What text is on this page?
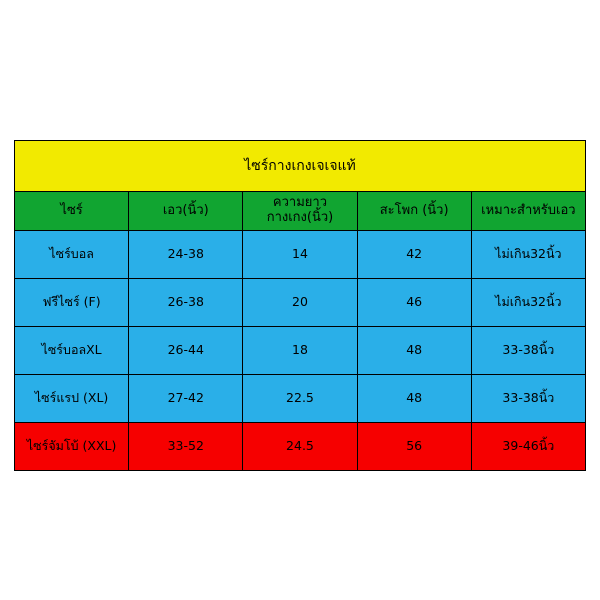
ไซร์กางเกงเจเจแท้				
ไซร์	เอว(นิ้ว)	ความยาวกางเกง(นิ้ว)	สะโพก (นิ้ว)	เหมาะสำหรับเอว
ไซร์บอล	24-38	14	42	ไม่เกิน32นิ้ว
ฟรีไซร์ (F)	26-38	20	46	ไม่เกิน32นิ้ว
ไซร์บอลXL	26-44	18	48	33-38นิ้ว
ไซร์แรป (XL)	27-42	22.5	48	33-38นิ้ว
ไซร์จัมโบ้ (XXL)	33-52	24.5	56	39-46นิ้ว
